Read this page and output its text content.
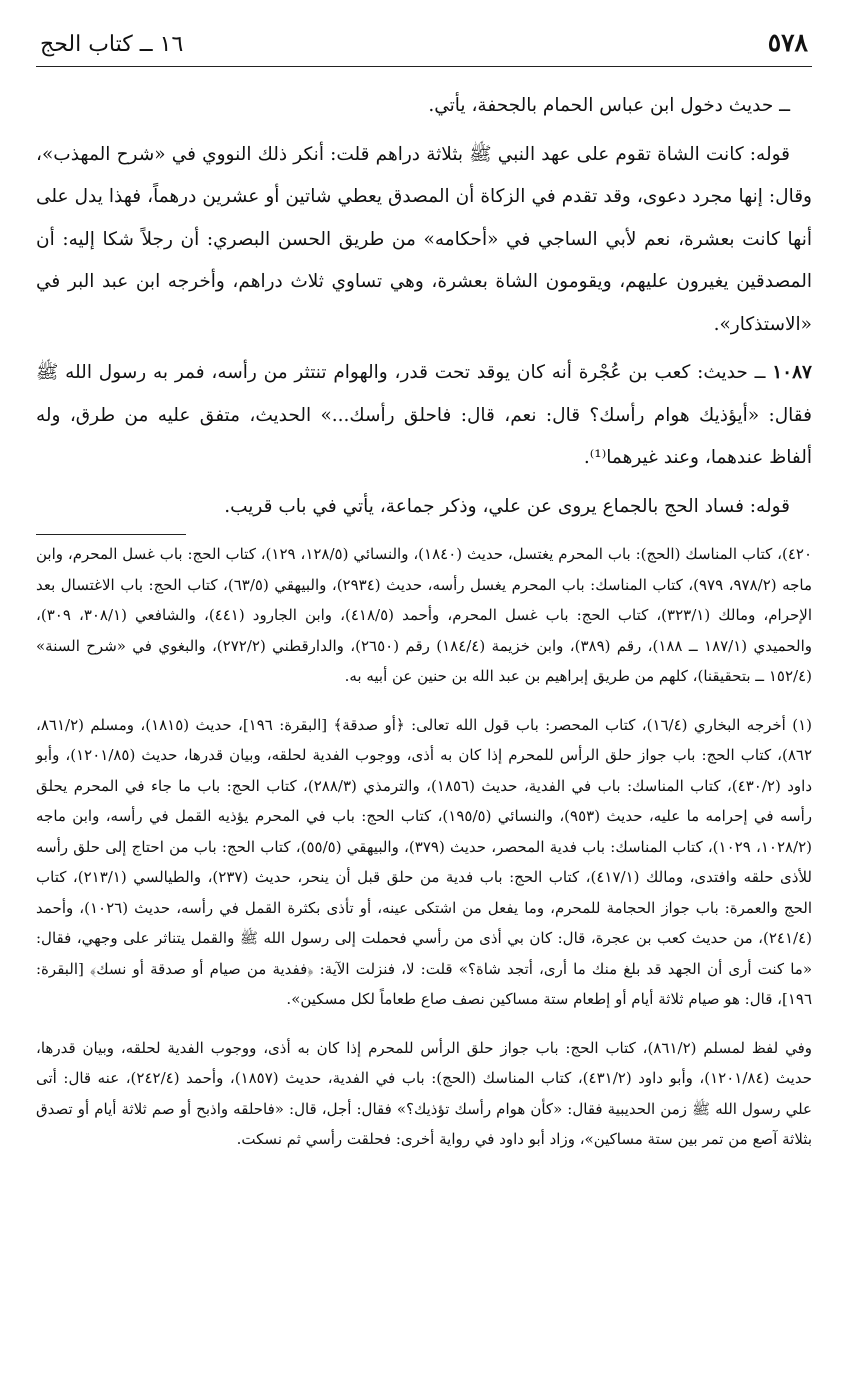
٥٧٨
١٦ ــ كتاب الحج

ــ حديث دخول ابن عباس الحمام بالجحفة، يأتي.

قوله: كانت الشاة تقوم على عهد النبي ﷺ بثلاثة دراهم قلت: أنكر ذلك النووي في «شرح المهذب»، وقال: إنها مجرد دعوى، وقد تقدم في الزكاة أن المصدق يعطي شاتين أو عشرين درهماً، فهذا يدل على أنها كانت بعشرة، نعم لأبي الساجي في «أحكامه» من طريق الحسن البصري: أن رجلاً شكا إليه: أن المصدقين يغيرون عليهم، ويقومون الشاة بعشرة، وهي تساوي ثلاث دراهم، وأخرجه ابن عبد البر في «الاستذكار».

١٠٨٧ ــ حديث: كعب بن عُجْرة أنه كان يوقد تحت قدر، والهوام تنتثر من رأسه، فمر به رسول الله ﷺ فقال: «أيؤذيك هوام رأسك؟ قال: نعم، قال: فاحلق رأسك...» الحديث، متفق عليه من طرق، وله ألفاظ عندهما، وعند غيرهما⁽¹⁾.

قوله: فساد الحج بالجماع يروى عن علي، وذكر جماعة، يأتي في باب قريب.

٤٢٠)، كتاب المناسك (الحج): باب المحرم يغتسل، حديث (١٨٤٠)، والنسائي (١٢٨/٥، ١٢٩)، كتاب الحج: باب غسل المحرم، وابن ماجه (٩٧٨/٢، ٩٧٩)، كتاب المناسك: باب المحرم يغسل رأسه، حديث (٢٩٣٤)، والبيهقي (٦٣/٥)، كتاب الحج: باب الاغتسال بعد الإحرام، ومالك (٣٢٣/١)، كتاب الحج: باب غسل المحرم، وأحمد (٤١٨/٥)، وابن الجارود (٤٤١)، والشافعي (٣٠٨/١، ٣٠٩)، والحميدي (١٨٧/١ ــ ١٨٨)، رقم (٣٨٩)، وابن خزيمة (١٨٤/٤) رقم (٢٦٥٠)، والدارقطني (٢٧٢/٢)، والبغوي في «شرح السنة» (١٥٢/٤ ــ بتحقيقنا)، كلهم من طريق إبراهيم بن عبد الله بن حنين عن أبيه به.

(١) أخرجه البخاري (١٦/٤)، كتاب المحصر: باب قول الله تعالى: ﴿أو صدقة﴾ [البقرة: ١٩٦]، حديث (١٨١٥)، ومسلم (٨٦١/٢، ٨٦٢)، كتاب الحج: باب جواز حلق الرأس للمحرم إذا كان به أذى، ووجوب الفدية لحلقه، وبيان قدرها، حديث (١٢٠١/٨٥)، وأبو داود (٤٣٠/٢)، كتاب المناسك: باب في الفدية، حديث (١٨٥٦)، والترمذي (٢٨٨/٣)، كتاب الحج: باب ما جاء في المحرم يحلق رأسه في إحرامه ما عليه، حديث (٩٥٣)، والنسائي (١٩٥/٥)، كتاب الحج: باب في المحرم يؤذيه القمل في رأسه، وابن ماجه (١٠٢٨/٢، ١٠٢٩)، كتاب المناسك: باب فدية المحصر، حديث (٣٧٩)، والبيهقي (٥٥/٥)، كتاب الحج: باب من احتاج إلى حلق رأسه للأذى حلقه وافتدى، ومالك (٤١٧/١)، كتاب الحج: باب فدية من حلق قبل أن ينحر، حديث (٢٣٧)، والطيالسي (٢١٣/١)، كتاب الحج والعمرة: باب جواز الحجامة للمحرم، وما يفعل من اشتكى عينه، أو تأذى بكثرة القمل في رأسه، حديث (١٠٢٦)، وأحمد (٢٤١/٤)، من حديث كعب بن عجرة، قال: كان بي أذى من رأسي فحملت إلى رسول الله ﷺ والقمل يتناثر على وجهي، فقال: «ما كنت أرى أن الجهد قد بلغ منك ما أرى، أتجد شاة؟» قلت: لا، فنزلت الآية: ﴿ففدية من صيام أو صدقة أو نسك﴾ [البقرة: ١٩٦]، قال: هو صيام ثلاثة أيام أو إطعام ستة مساكين نصف صاع طعاماً لكل مسكين».

وفي لفظ لمسلم (٨٦١/٢)، كتاب الحج: باب جواز حلق الرأس للمحرم إذا كان به أذى، ووجوب الفدية لحلقه، وبيان قدرها، حديث (١٢٠١/٨٤)، وأبو داود (٤٣١/٢)، كتاب المناسك (الحج): باب في الفدية، حديث (١٨٥٧)، وأحمد (٢٤٢/٤)، عنه قال: أتى علي رسول الله ﷺ زمن الحديبية فقال: «كأن هوام رأسك تؤذيك؟» فقال: أجل، قال: «فاحلقه واذبح أو صم ثلاثة أيام أو تصدق بثلاثة آصع من تمر بين ستة مساكين»، وزاد أبو داود في رواية أخرى: فحلقت رأسي ثم نسكت.
